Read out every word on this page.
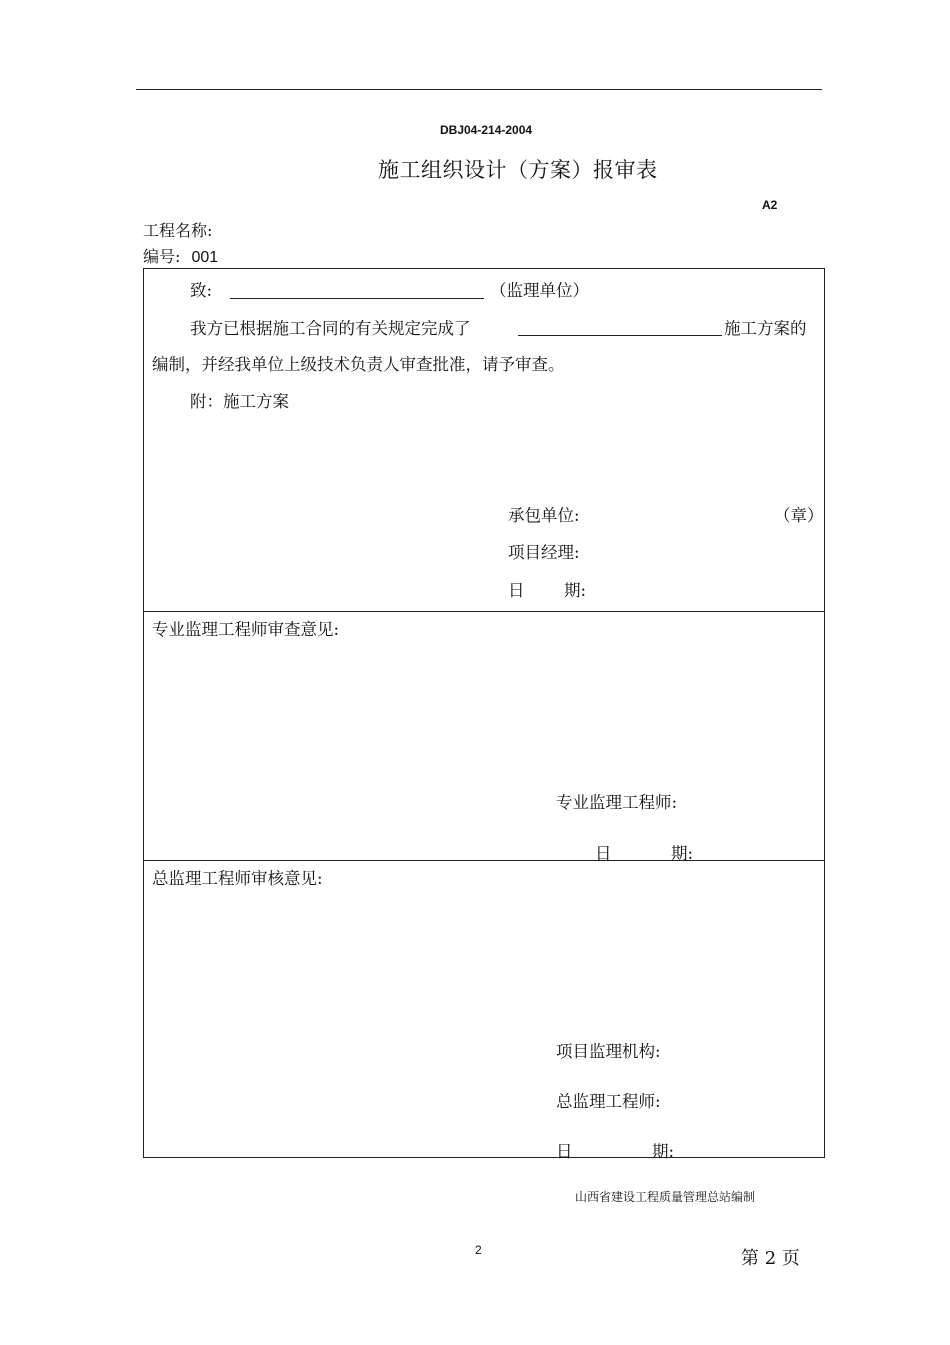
DBJ04-214-2004
施工组织设计（方案）报审表
A2
工程名称:
编号: 001
致:	（监理单位）
我方已根据施工合同的有关规定完成了	施工方案的
编制，并经我单位上级技术负责人审查批准，请予审查。
附：施工方案
承包单位:	（章）
项目经理:
日 期:
专业监理工程师审查意见:
专业监理工程师:
日	期:
总监理工程师审核意见:
项目监理机构:
总监理工程师:
日	期:
山西省建设工程质量管理总站编制
2	第 2 页
